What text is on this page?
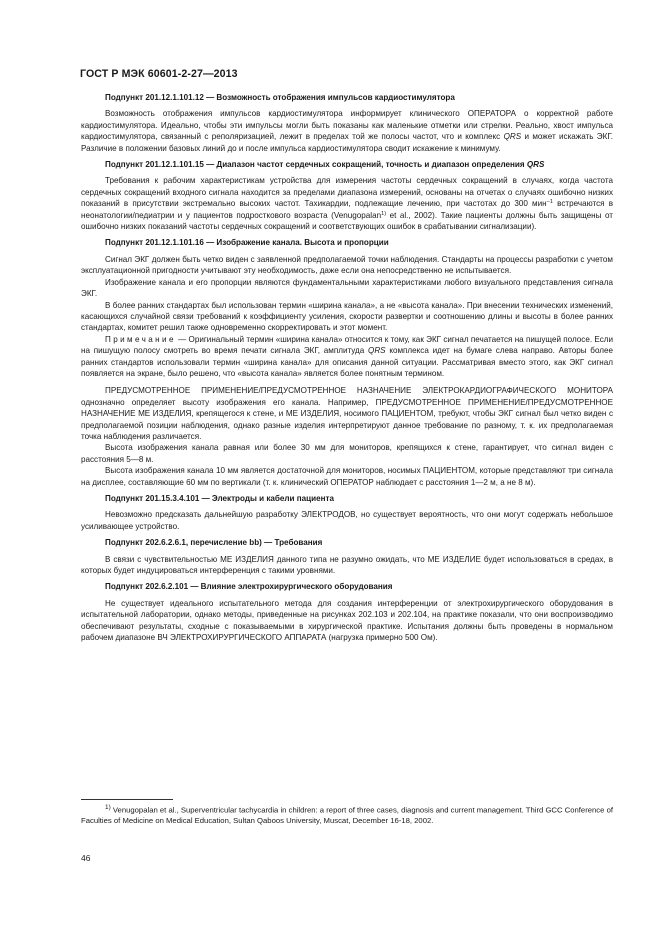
ГОСТ Р МЭК 60601-2-27—2013

Подпункт 201.12.1.101.12 — Возможность отображения импульсов кардиостимулятора

Возможность отображения импульсов кардиостимулятора информирует клинического ОПЕРАТОРА о корректной работе кардиостимулятора. Идеально, чтобы эти импульсы могли быть показаны как маленькие отметки или стрелки. Реально, хвост импульса кардиостимулятора, связанный с реполяризацией, лежит в пределах той же полосы частот, что и комплекс QRS и может искажать ЭКГ. Различие в положении базовых линий до и после импульса кардиостимулятора сводит искажение к минимуму.

Подпункт 201.12.1.101.15 — Диапазон частот сердечных сокращений, точность и диапазон определения QRS

Требования к рабочим характеристикам устройства для измерения частоты сердечных сокращений в случаях, когда частота сердечных сокращений входного сигнала находится за пределами диапазона измерений, основаны на отчетах о случаях ошибочно низких показаний в присутствии экстремально высоких частот. Тахикардии, подлежащие лечению, при частотах до 300 мин$^{-1}$ встречаются в неонатологии/педиатрии и у пациентов подросткового возраста (Venugopalan$^{1)}$ et al., 2002). Такие пациенты должны быть защищены от ошибочно низких показаний частоты сердечных сокращений и соответствующих ошибок в срабатывании сигнализации).

Подпункт 201.12.1.101.16 — Изображение канала. Высота и пропорции

Сигнал ЭКГ должен быть четко виден с заявленной предполагаемой точки наблюдения. Стандарты на процессы разработки с учетом эксплуатационной пригодности учитывают эту необходимость, даже если она непосредственно не испытывается.

Изображение канала и его пропорции являются фундаментальными характеристиками любого визуального представления сигнала ЭКГ.

В более ранних стандартах был использован термин «ширина канала», а не «высота канала». При внесении технических изменений, касающихся случайной связи требований к коэффициенту усиления, скорости развертки и соотношению длины и высоты в более ранних стандартах, комитет решил также одновременно скорректировать и этот момент.

Примечание — Оригинальный термин «ширина канала» относится к тому, как ЭКГ сигнал печатается на пишущей полосе. Если на пишущую полосу смотреть во время печати сигнала ЭКГ, амплитуда QRS комплекса идет на бумаге слева направо. Авторы более ранних стандартов использовали термин «ширина канала» для описания данной ситуации. Рассматривая вместо этого, как ЭКГ сигнал появляется на экране, было решено, что «высота канала» является более понятным термином.

ПРЕДУСМОТРЕННОЕ ПРИМЕНЕНИЕ/ПРЕДУСМОТРЕННОЕ НАЗНАЧЕНИЕ ЭЛЕКТРОКАРДИОГРАФИЧЕСКОГО МОНИТОРА однозначно определяет высоту изображения его канала. Например, ПРЕДУСМОТРЕННОЕ ПРИМЕНЕНИЕ/ПРЕДУСМОТРЕННОЕ НАЗНАЧЕНИЕ МЕ ИЗДЕЛИЯ, крепящегося к стене, и МЕ ИЗДЕЛИЯ, носимого ПАЦИЕНТОМ, требуют, чтобы ЭКГ сигнал был четко виден с предполагаемой позиции наблюдения, однако разные изделия интерпретируют данное требование по разному, т. к. их предполагаемая точка наблюдения различается.

Высота изображения канала равная или более 30 мм для мониторов, крепящихся к стене, гарантирует, что сигнал виден с расстояния 5—8 м.

Высота изображения канала 10 мм является достаточной для мониторов, носимых ПАЦИЕНТОМ, которые представляют три сигнала на дисплее, составляющие 60 мм по вертикали (т. к. клинический ОПЕРАТОР наблюдает с расстояния 1—2 м, а не 8 м).

Подпункт 201.15.3.4.101 — Электроды и кабели пациента

Невозможно предсказать дальнейшую разработку ЭЛЕКТРОДОВ, но существует вероятность, что они могут содержать небольшое усиливающее устройство.

Подпункт 202.6.2.6.1, перечисление bb) — Требования

В связи с чувствительностью МЕ ИЗДЕЛИЯ данного типа не разумно ожидать, что МЕ ИЗДЕЛИЕ будет использоваться в средах, в которых будет индуцироваться интерференция с такими уровнями.

Подпункт 202.6.2.101 — Влияние электрохирургического оборудования

Не существует идеального испытательного метода для создания интерференции от электрохирургического оборудования в испытательной лаборатории, однако методы, приведенные на рисунках 202.103 и 202.104, на практике показали, что они воспроизводимо обеспечивают результаты, сходные с показываемыми в хирургической практике. Испытания должны быть проведены в нормальном рабочем диапазоне ВЧ ЭЛЕКТРОХИРУРГИЧЕСКОГО АППАРАТА (нагрузка примерно 500 Ом).

$^{1)}$ Venugopalan et al., Superventricular tachycardia in children: a report of three cases, diagnosis and current management. Third GCC Conference of Faculties of Medicine on Medical Education, Sultan Qaboos University, Muscat, December 16-18, 2002.

46
